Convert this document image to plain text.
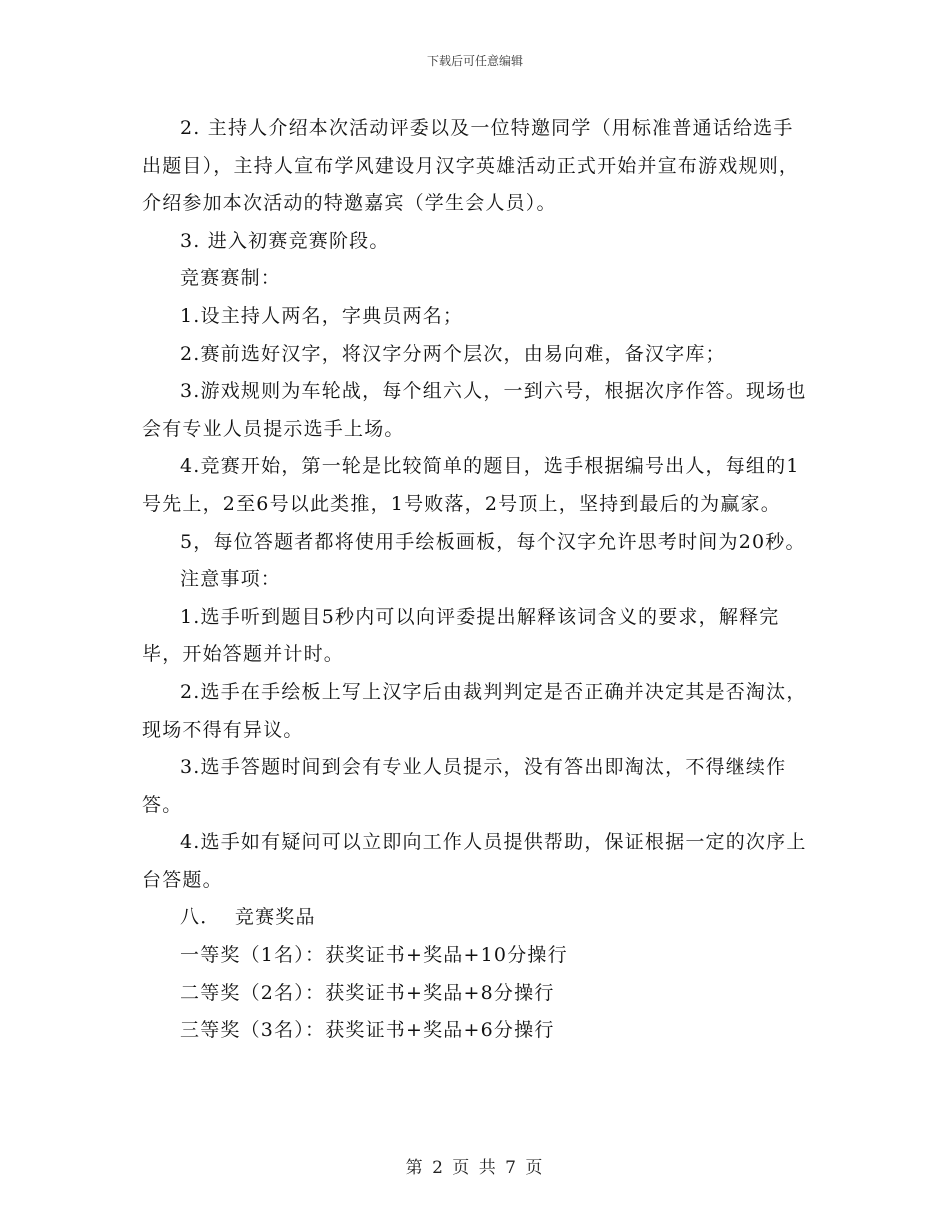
下载后可任意编辑

2. 主持人介绍本次活动评委以及一位特邀同学（用标准普通话给选手出题目），主持人宣布学风建设月汉字英雄活动正式开始并宣布游戏规则，介绍参加本次活动的特邀嘉宾（学生会人员）。

3. 进入初赛竞赛阶段。

竞赛赛制：

1.设主持人两名，字典员两名；

2.赛前选好汉字，将汉字分两个层次，由易向难，备汉字库；

3.游戏规则为车轮战，每个组六人，一到六号，根据次序作答。现场也会有专业人员提示选手上场。

4.竞赛开始，第一轮是比较简单的题目，选手根据编号出人，每组的1号先上，2至6号以此类推，1号败落，2号顶上，坚持到最后的为赢家。

5，每位答题者都将使用手绘板画板，每个汉字允许思考时间为20秒。

注意事项：

1.选手听到题目5秒内可以向评委提出解释该词含义的要求，解释完毕，开始答题并计时。

2.选手在手绘板上写上汉字后由裁判判定是否正确并决定其是否淘汰，现场不得有异议。

3.选手答题时间到会有专业人员提示，没有答出即淘汰，不得继续作答。

4.选手如有疑问可以立即向工作人员提供帮助，保证根据一定的次序上台答题。

八．  竞赛奖品

一等奖（1名）：获奖证书+奖品+10分操行

二等奖（2名）：获奖证书+奖品+8分操行

三等奖（3名）：获奖证书+奖品+6分操行

第 2 页 共 7 页
